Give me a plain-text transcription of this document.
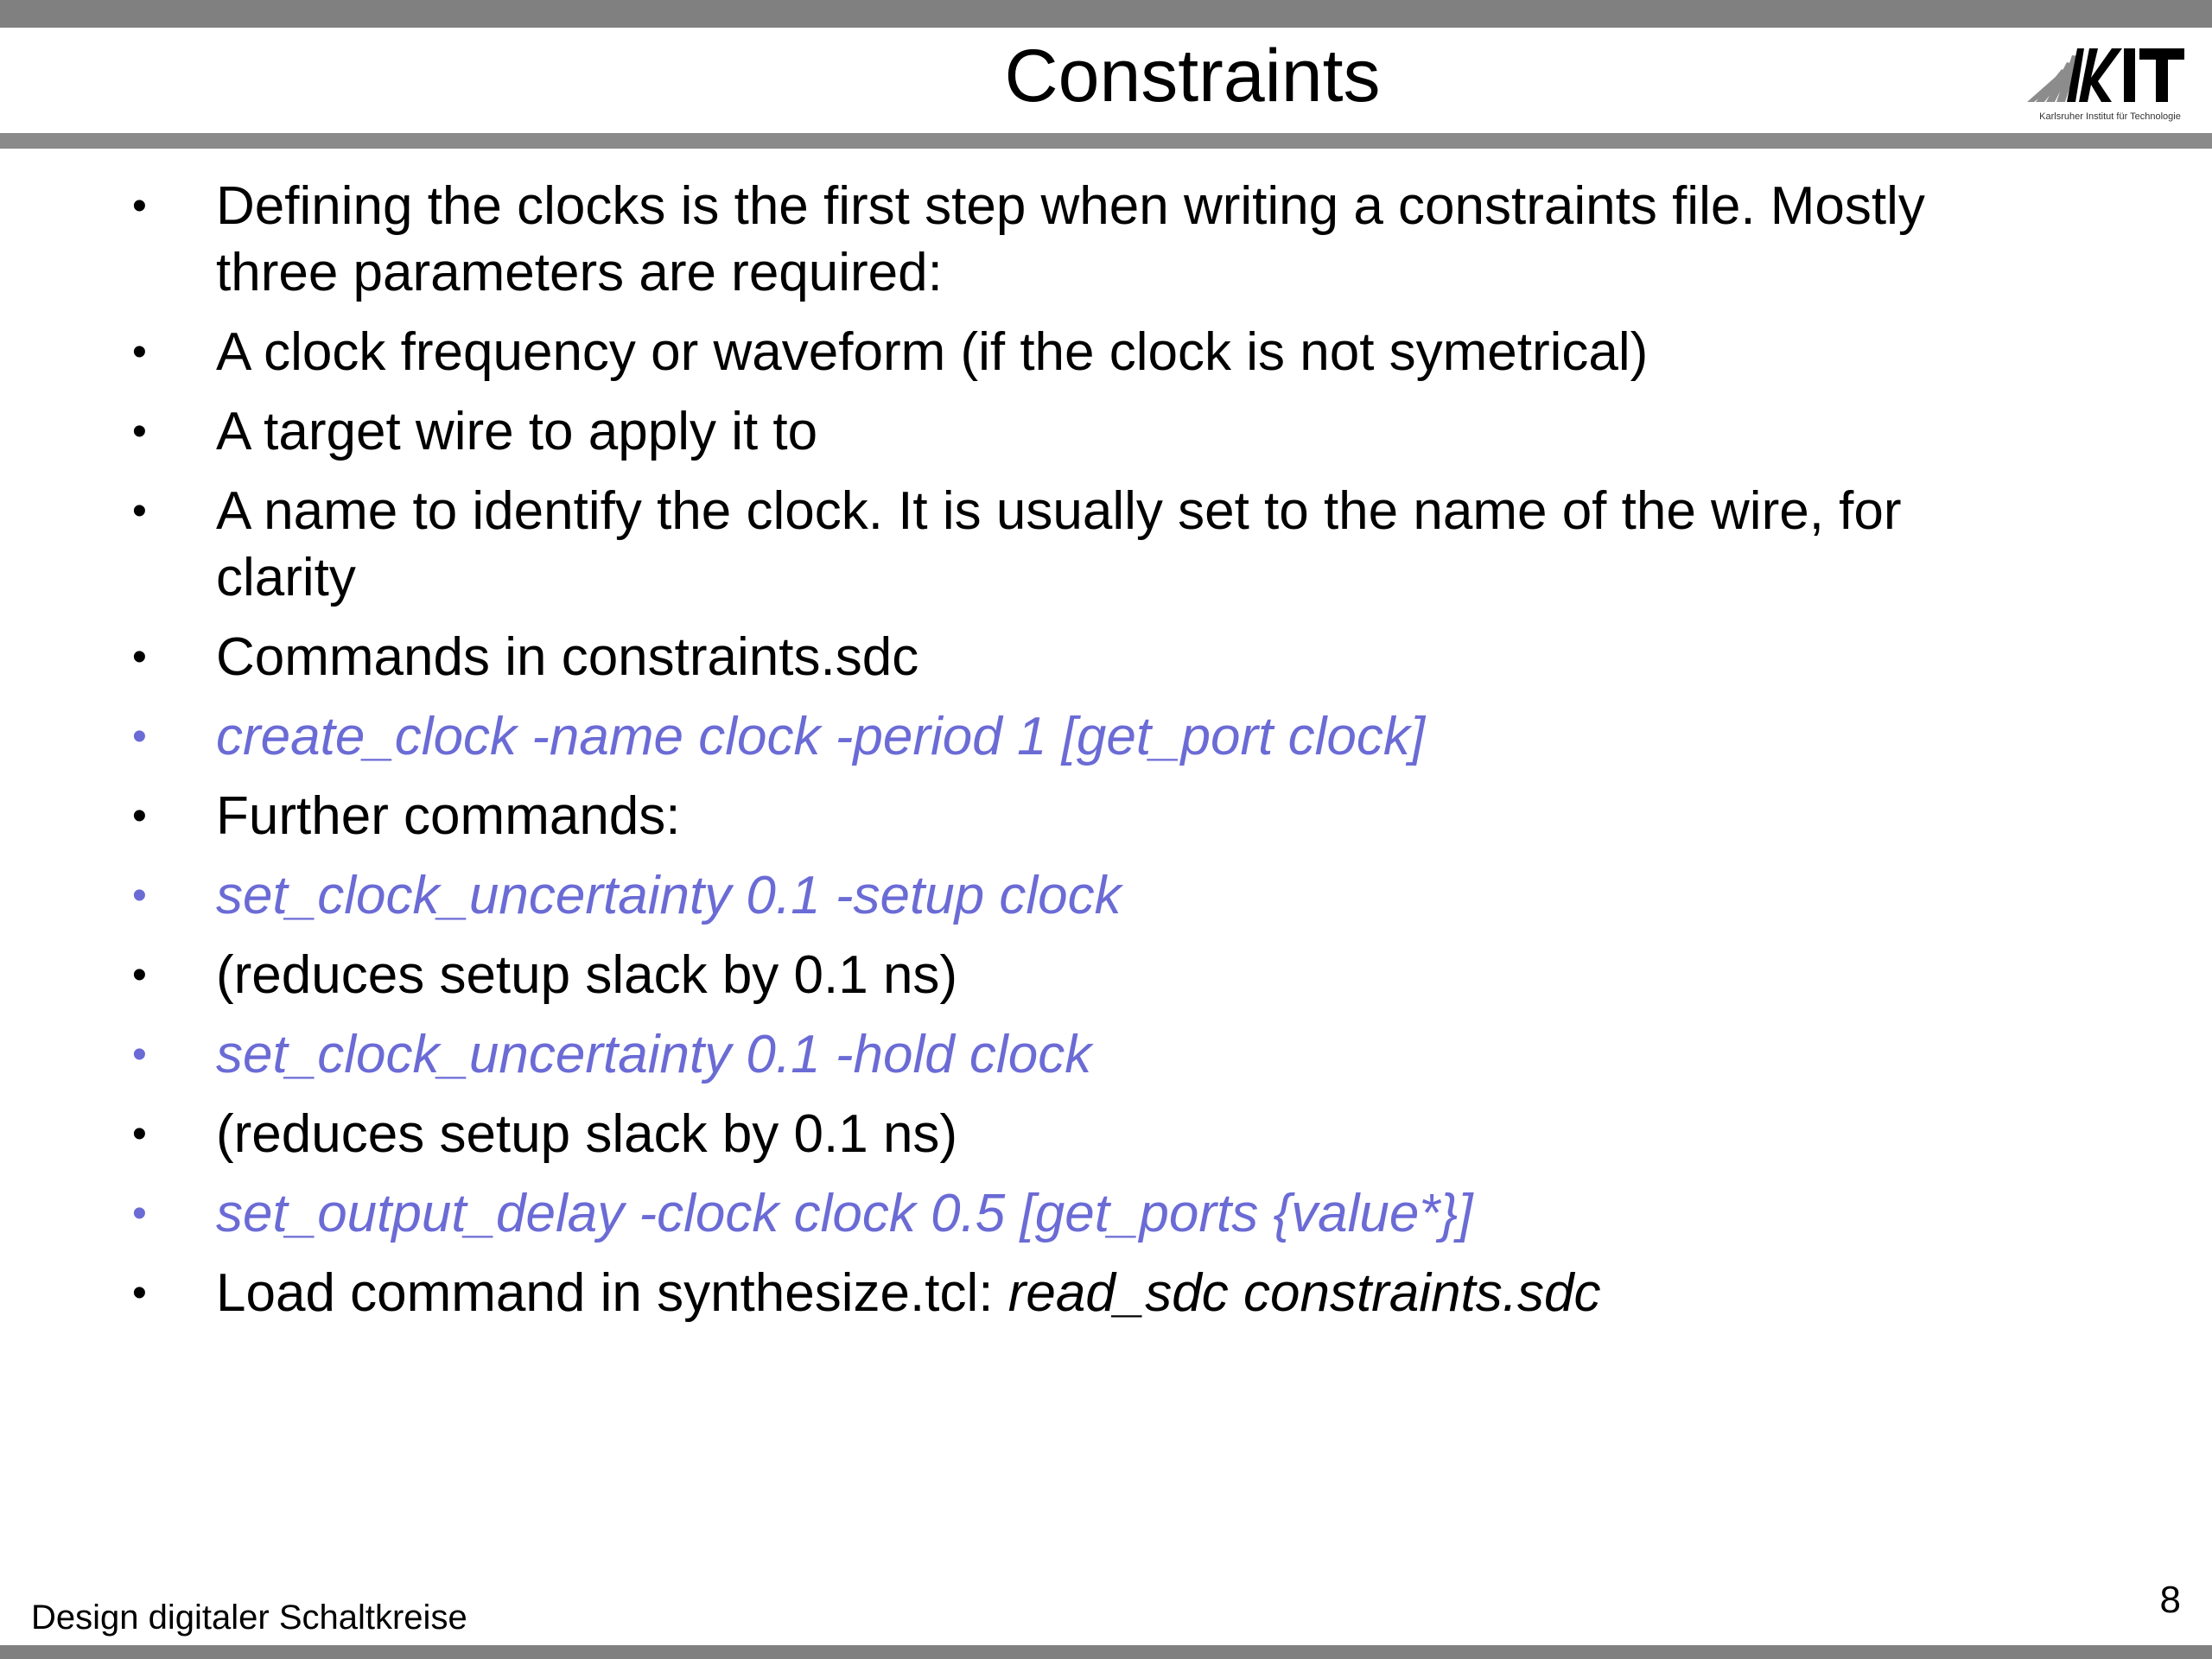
Constraints	Karlsruher Institut für Technologie
• Defining the clocks is the first step when writing a constraints file. Mostly three parameters are required:
• A clock frequency or waveform (if the clock is not symetrical)
• A target wire to apply it to
• A name to identify the clock. It is usually set to the name of the wire, for clarity
• Commands in constraints.sdc
• create_clock -name clock -period 1 [get_port clock]
• Further commands:
• set_clock_uncertainty 0.1 -setup clock
• (reduces setup slack by 0.1 ns)
• set_clock_uncertainty 0.1 -hold clock
• (reduces setup slack by 0.1 ns)
• set_output_delay -clock clock 0.5 [get_ports {value*}]
• Load command in synthesize.tcl: read_sdc constraints.sdc
Design digitaler Schaltkreise	8
